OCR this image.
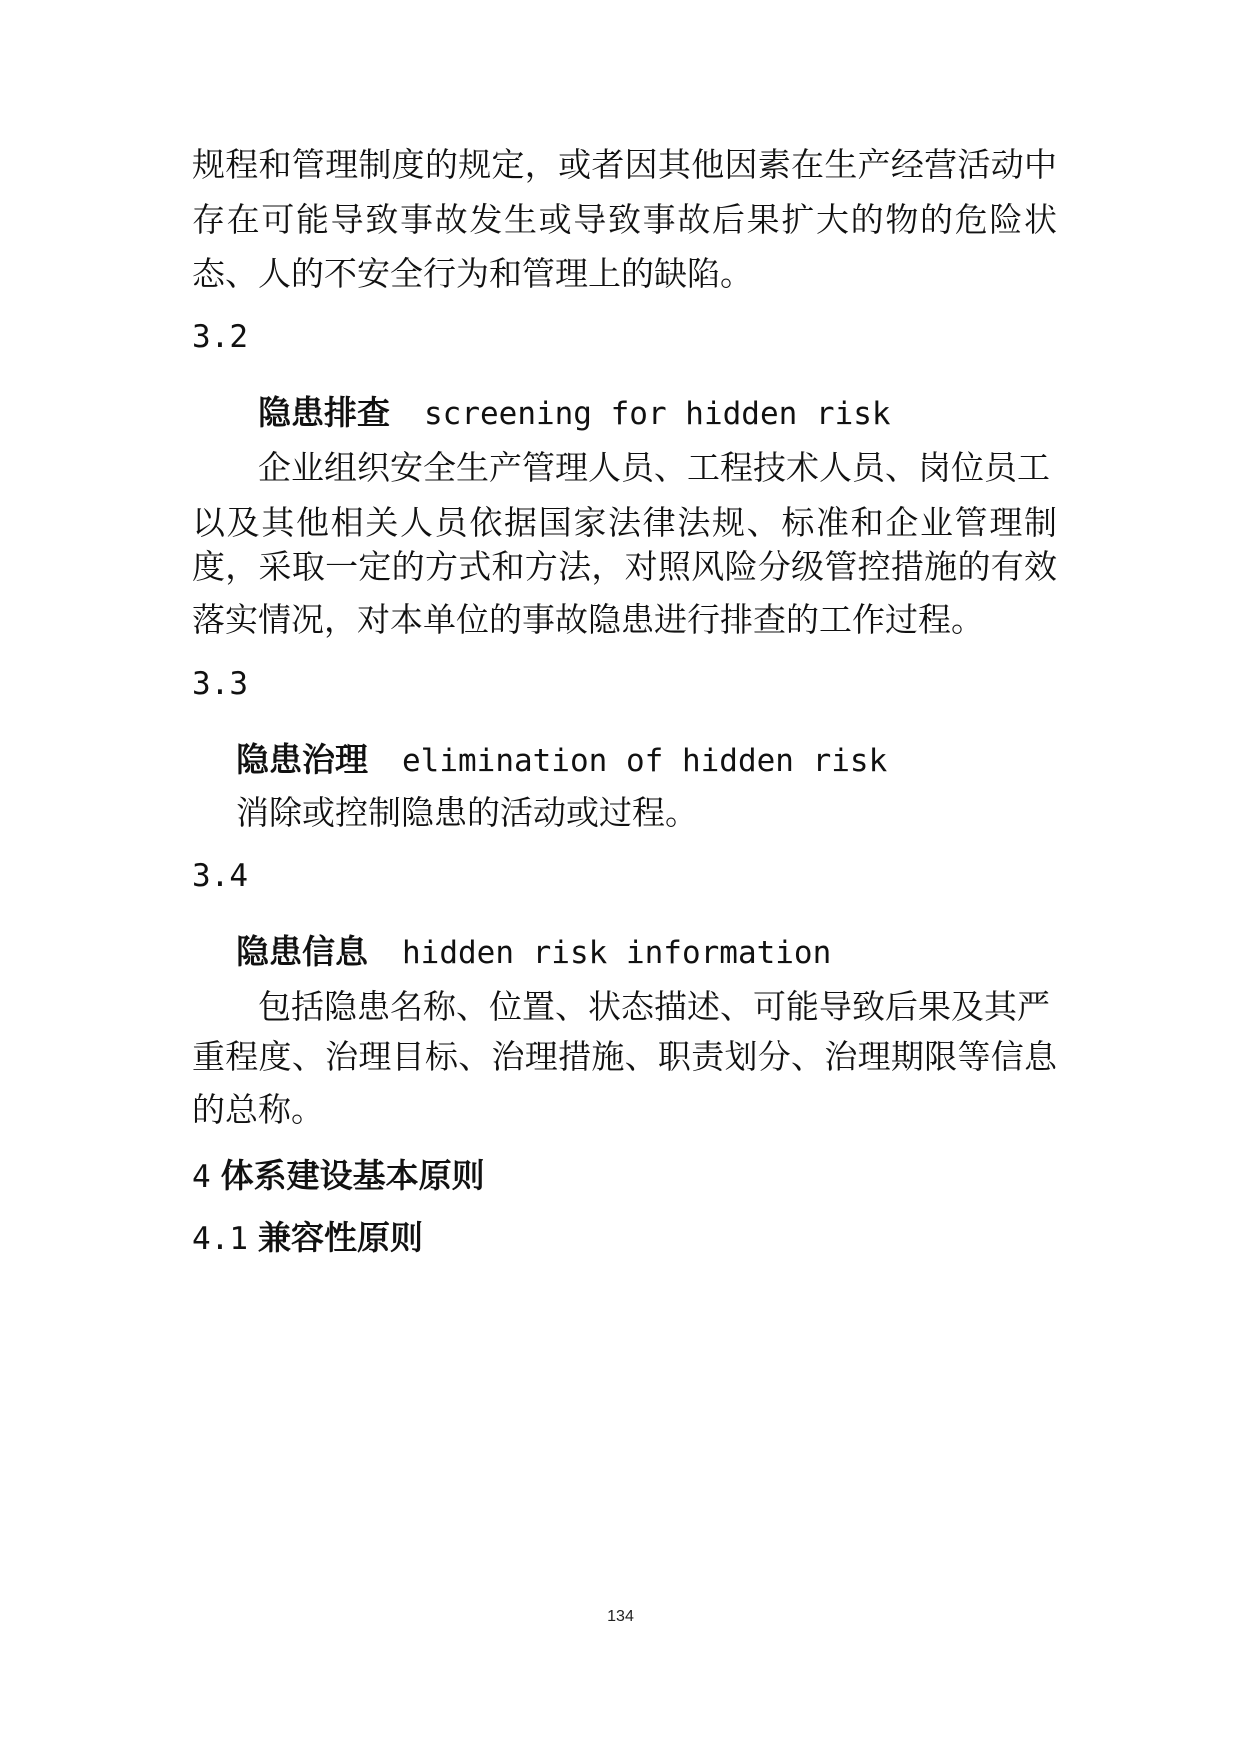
规程和管理制度的规定，或者因其他因素在生产经营活动中
存在可能导致事故发生或导致事故后果扩大的物的危险状
态、人的不安全行为和管理上的缺陷。
3.2
隐患排查 screening for hidden risk
企业组织安全生产管理人员、工程技术人员、岗位员工
以及其他相关人员依据国家法律法规、标准和企业管理制
度，采取一定的方式和方法，对照风险分级管控措施的有效
落实情况，对本单位的事故隐患进行排查的工作过程。
3.3
隐患治理 elimination of hidden risk
消除或控制隐患的活动或过程。
3.4
隐患信息 hidden risk information
包括隐患名称、位置、状态描述、可能导致后果及其严
重程度、治理目标、治理措施、职责划分、治理期限等信息
的总称。
4 体系建设基本原则
4.1 兼容性原则
134
